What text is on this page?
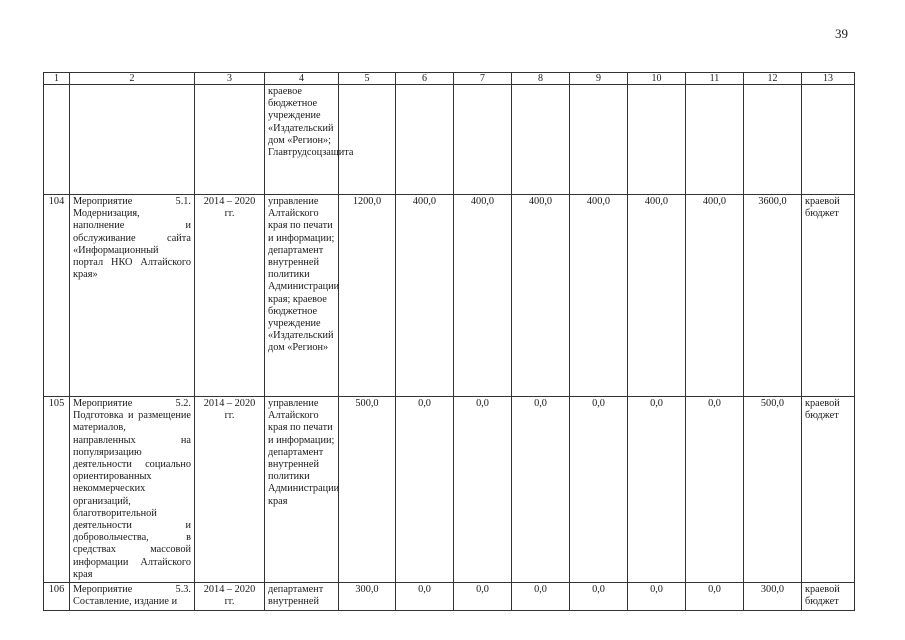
39
1	2	3	4	5	6	7	8	9	10	11	12	13
			краевое бюджетное учреждение «Издательский дом «Регион»; Главтрудсоцзащита									
104	Мероприятие 5.1. Модернизация, наполнение и обслуживание сайта «Информационный портал НКО Алтайского края»	2014 – 2020 гг.	управление Алтайского края по печати и информации; департамент внутренней политики Администрации края; краевое бюджетное учреждение «Издательский дом «Регион»	1200,0	400,0	400,0	400,0	400,0	400,0	400,0	3600,0	краевой бюджет
105	Мероприятие 5.2. Подготовка и размещение материалов, направленных на популяризацию деятельности социально ориентированных некоммерческих организаций, благотворительной деятельности и добровольчества, в средствах массовой информации Алтайского края	2014 – 2020 гг.	управление Алтайского края по печати и информации; департамент внутренней политики Администрации края	500,0	0,0	0,0	0,0	0,0	0,0	0,0	500,0	краевой бюджет
106	Мероприятие 5.3. Составление, издание и	2014 – 2020 гг.	департамент внутренней	300,0	0,0	0,0	0,0	0,0	0,0	0,0	300,0	краевой бюджет
